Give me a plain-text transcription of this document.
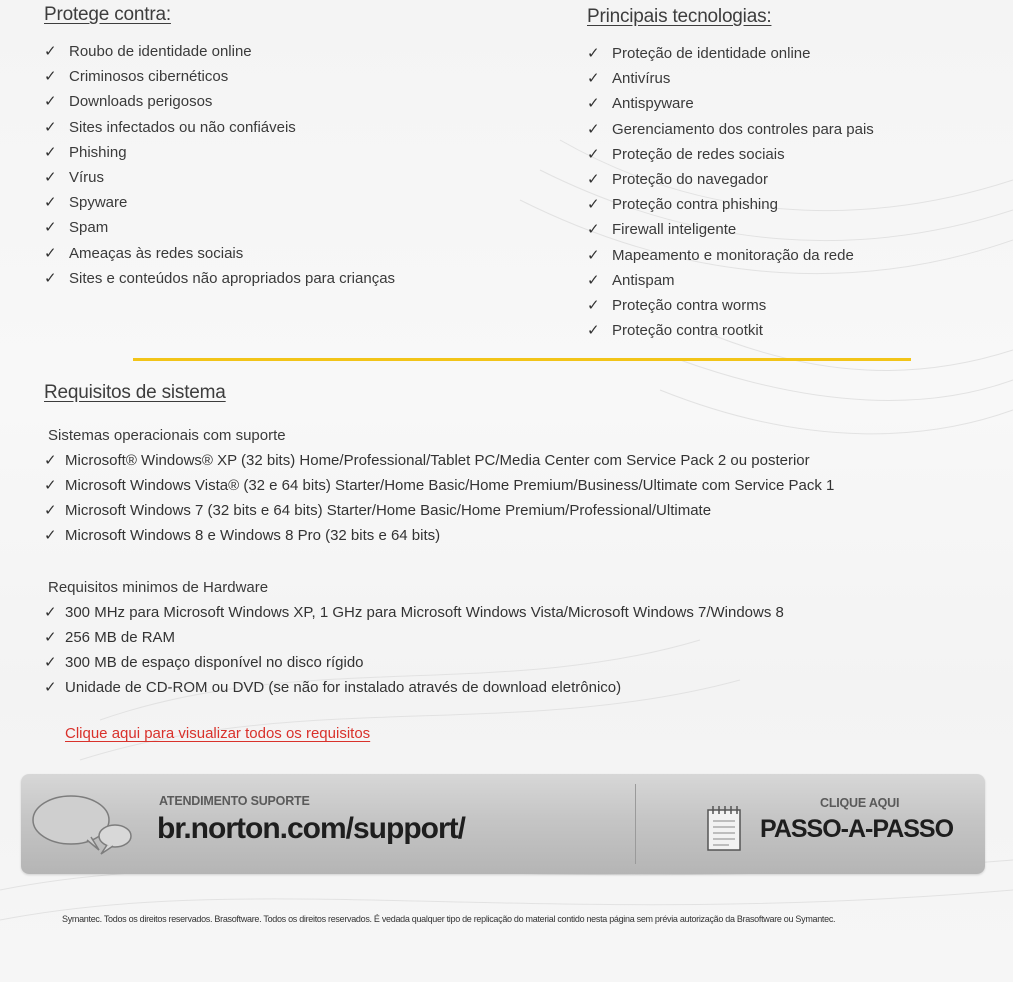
Protege contra:
✓ Roubo de identidade online
✓ Criminosos cibernéticos
✓ Downloads perigosos
✓ Sites infectados ou não confiáveis
✓ Phishing
✓ Vírus
✓ Spyware
✓ Spam
✓ Ameaças às redes sociais
✓ Sites e conteúdos não apropriados para crianças
Principais tecnologias:
✓ Proteção de identidade online
✓ Antivírus
✓ Antispyware
✓ Gerenciamento dos controles para pais
✓ Proteção de redes sociais
✓ Proteção do navegador
✓ Proteção contra phishing
✓ Firewall inteligente
✓ Mapeamento e monitoração da rede
✓ Antispam
✓ Proteção contra worms
✓ Proteção contra rootkit
Requisitos de sistema
Sistemas operacionais com suporte
✓ Microsoft® Windows® XP (32 bits) Home/Professional/Tablet PC/Media Center com Service Pack 2 ou posterior
✓ Microsoft Windows Vista® (32 e 64 bits) Starter/Home Basic/Home Premium/Business/Ultimate com Service Pack 1
✓ Microsoft Windows 7 (32 bits e 64 bits) Starter/Home Basic/Home Premium/Professional/Ultimate
✓ Microsoft Windows 8 e Windows 8 Pro (32 bits e 64 bits)
Requisitos minimos de Hardware
✓ 300 MHz para Microsoft Windows XP, 1 GHz para Microsoft Windows Vista/Microsoft Windows 7/Windows 8
✓ 256 MB de RAM
✓ 300 MB de espaço disponível no disco rígido
✓ Unidade de CD-ROM ou DVD (se não for instalado através de download eletrônico)
Clique aqui para visualizar todos os requisitos
ATENDIMENTO SUPORTE
br.norton.com/support/
CLIQUE AQUI
PASSO-A-PASSO
Symantec. Todos os direitos reservados. Brasoftware. Todos os direitos reservados. É vedada qualquer tipo de replicação do material contido nesta página sem prévia autorização da Brasoftware ou Symantec.
